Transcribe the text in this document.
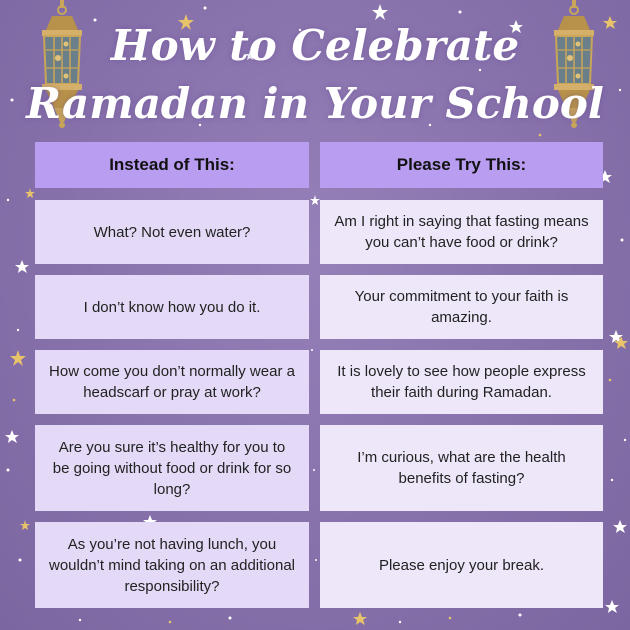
How to Celebrate
Ramadan in Your School
Instead of This:	Please Try This:
What? Not even water?
Am I right in saying that fasting means you can’t have food or drink?
I don’t know how you do it.
Your commitment to your faith is amazing.
How come you don’t normally wear a headscarf or pray at work?
It is lovely to see how people express their faith during Ramadan.
Are you sure it’s healthy for you to be going without food or drink for so long?
I’m curious, what are the health benefits of fasting?
As you’re not having lunch, you wouldn’t mind taking on an additional responsibility?
Please enjoy your break.
